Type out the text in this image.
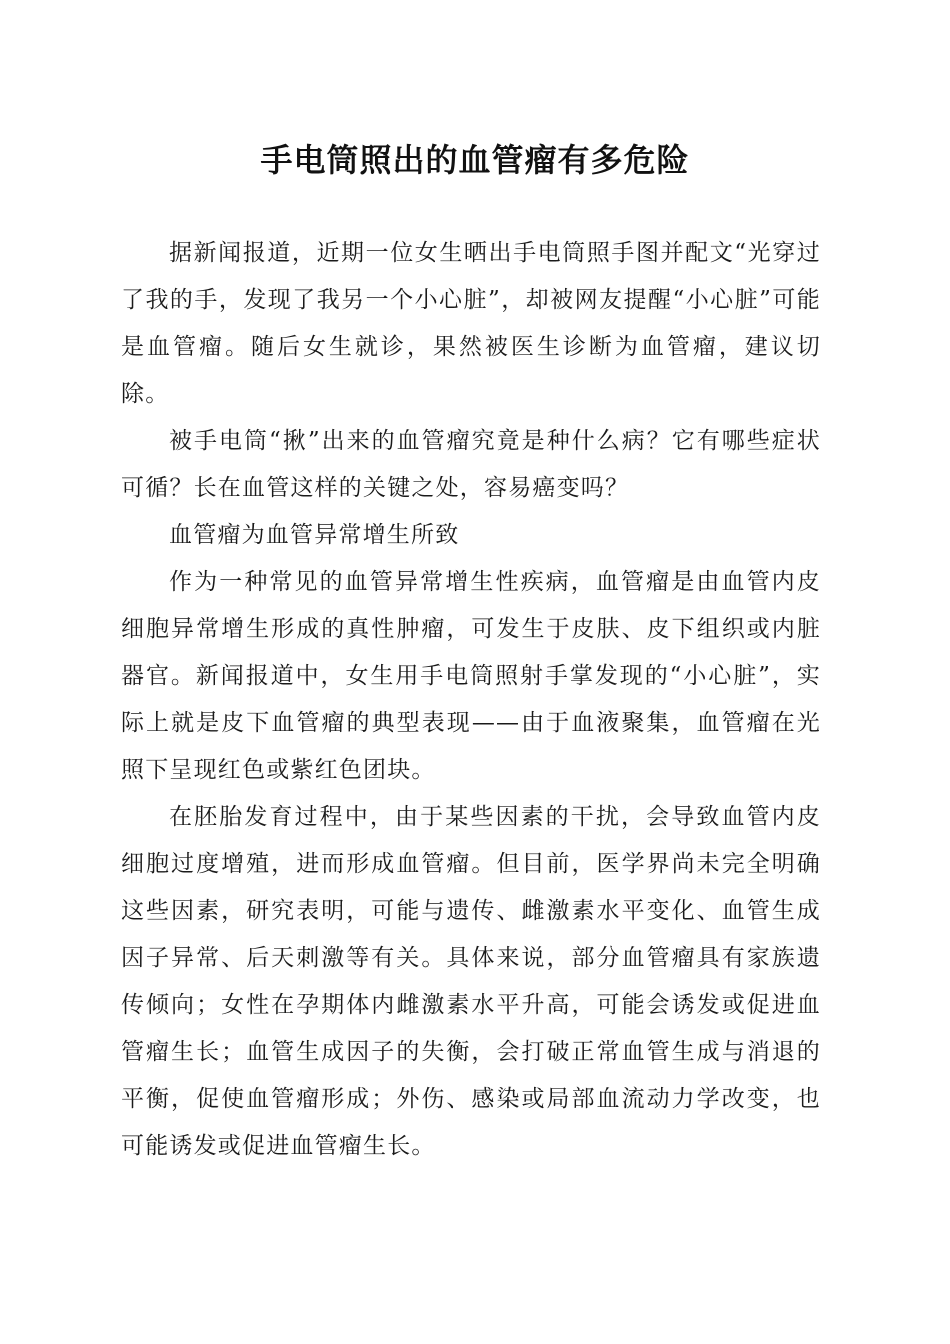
手电筒照出的血管瘤有多危险

据新闻报道，近期一位女生晒出手电筒照手图并配文“光穿过了我的手，发现了我另一个小心脏”，却被网友提醒“小心脏”可能是血管瘤。随后女生就诊，果然被医生诊断为血管瘤，建议切除。

被手电筒“揪”出来的血管瘤究竟是种什么病？它有哪些症状可循？长在血管这样的关键之处，容易癌变吗？

血管瘤为血管异常增生所致

作为一种常见的血管异常增生性疾病，血管瘤是由血管内皮细胞异常增生形成的真性肿瘤，可发生于皮肤、皮下组织或内脏器官。新闻报道中，女生用手电筒照射手掌发现的“小心脏”，实际上就是皮下血管瘤的典型表现——由于血液聚集，血管瘤在光照下呈现红色或紫红色团块。

在胚胎发育过程中，由于某些因素的干扰，会导致血管内皮细胞过度增殖，进而形成血管瘤。但目前，医学界尚未完全明确这些因素，研究表明，可能与遗传、雌激素水平变化、血管生成因子异常、后天刺激等有关。具体来说，部分血管瘤具有家族遗传倾向；女性在孕期体内雌激素水平升高，可能会诱发或促进血管瘤生长；血管生成因子的失衡，会打破正常血管生成与消退的平衡，促使血管瘤形成；外伤、感染或局部血流动力学改变，也可能诱发或促进血管瘤生长。
